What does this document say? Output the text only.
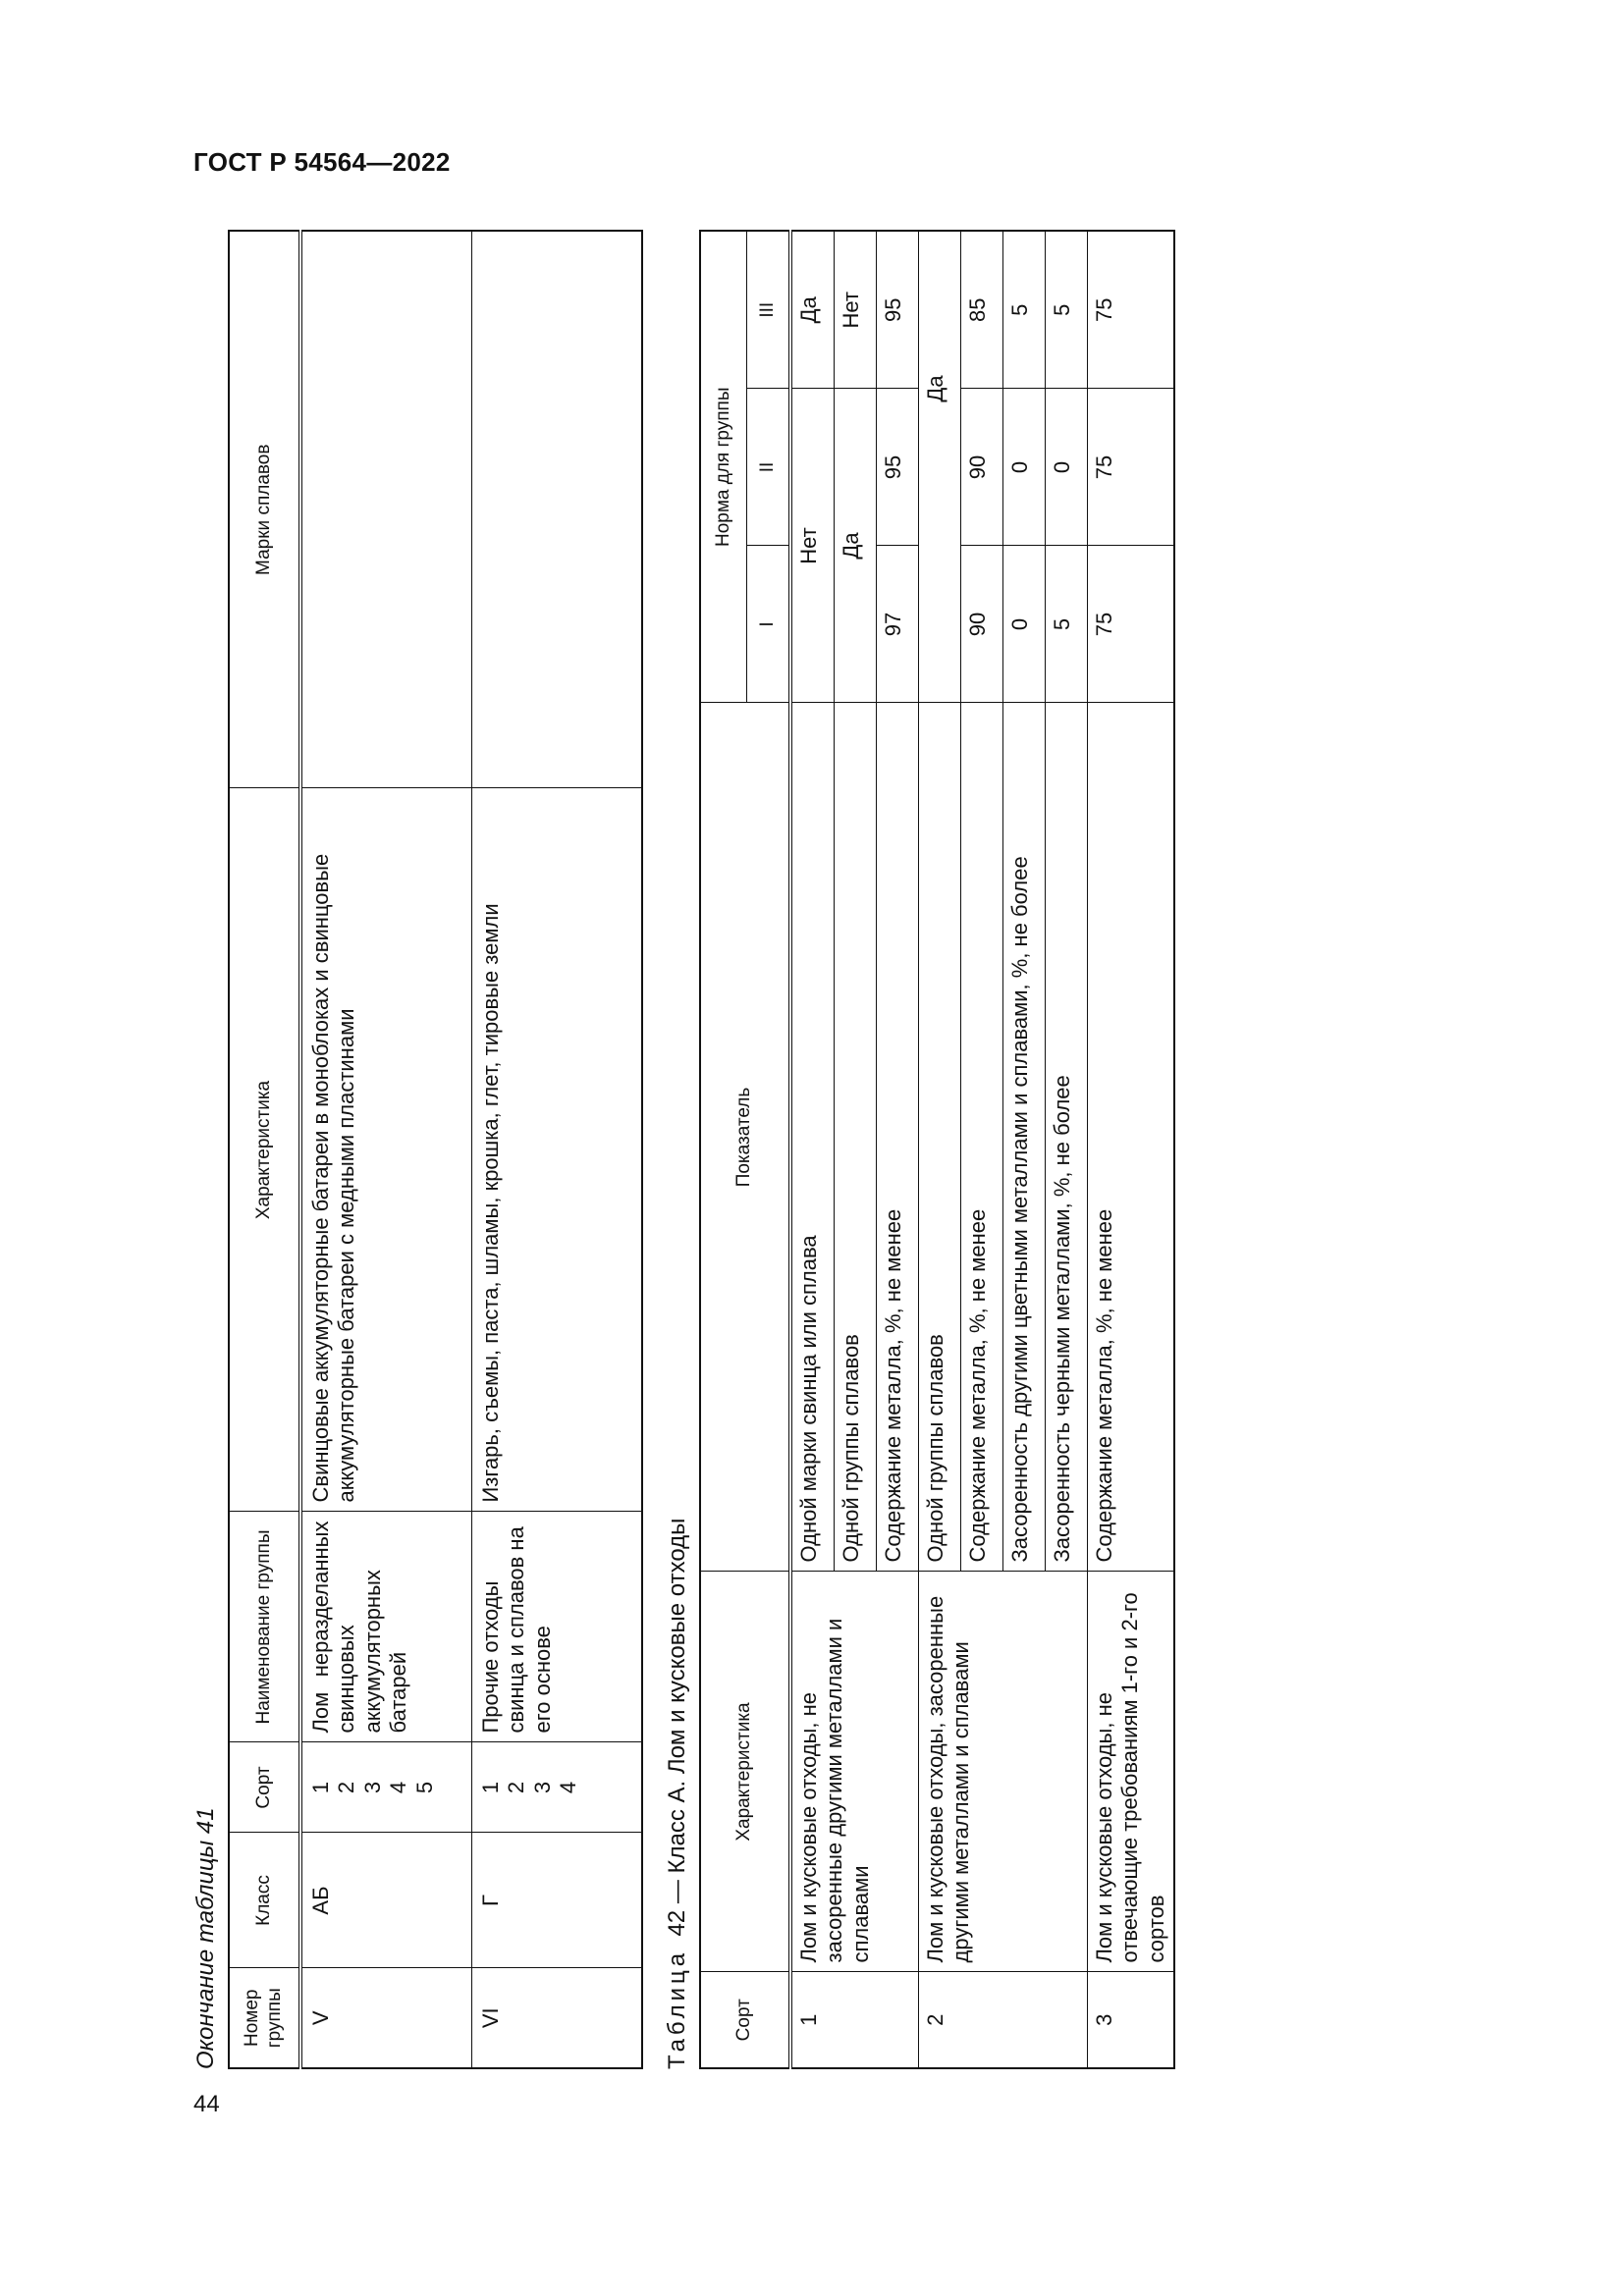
ГОСТ Р 54564—2022
Окончание таблицы 41	Номер группы	Класс	Сорт	Наименование группы	Характеристика	Марки сплавов
V	АБ	1
2
3
4
5	Лом неразделанных свинцовых аккумуляторных батарей	Свинцовые аккумуляторные батареи в моноблоках и свинцовые аккумуляторные батареи с медными пластинами	
VI	Г	1
2
3
4	Прочие отходы свинца и сплавов на его основе	Изгарь, съемы, паста, шламы, крошка, глет, тировые земли	
Таблица  42 — Класс А. Лом и кусковые отходы
Сорт	Характеристика	Показатель	Норма для группы		
			I	II	III
1	Лом и кусковые отходы, не засоренные другими металлами и сплавами	Одной марки свинца или сплава	Нет		Да
		Одной группы сплавов	Да		Нет
		Содержание металла, %, не менее	97	95	95
2	Лом и кусковые отходы, засоренные другими металлами и сплавами	Одной группы сплавов		Да	
		Содержание металла, %, не менее	90	90	85
		Засоренность другими цветными металлами и сплавами, %, не более	0	0	5
		Засоренность черными металлами, %, не более	5	0	5
3	Лом и кусковые отходы, не отвечающие требованиям 1-го и 2-го сортов	Содержание металла, %, не менее	75	75	75
44
